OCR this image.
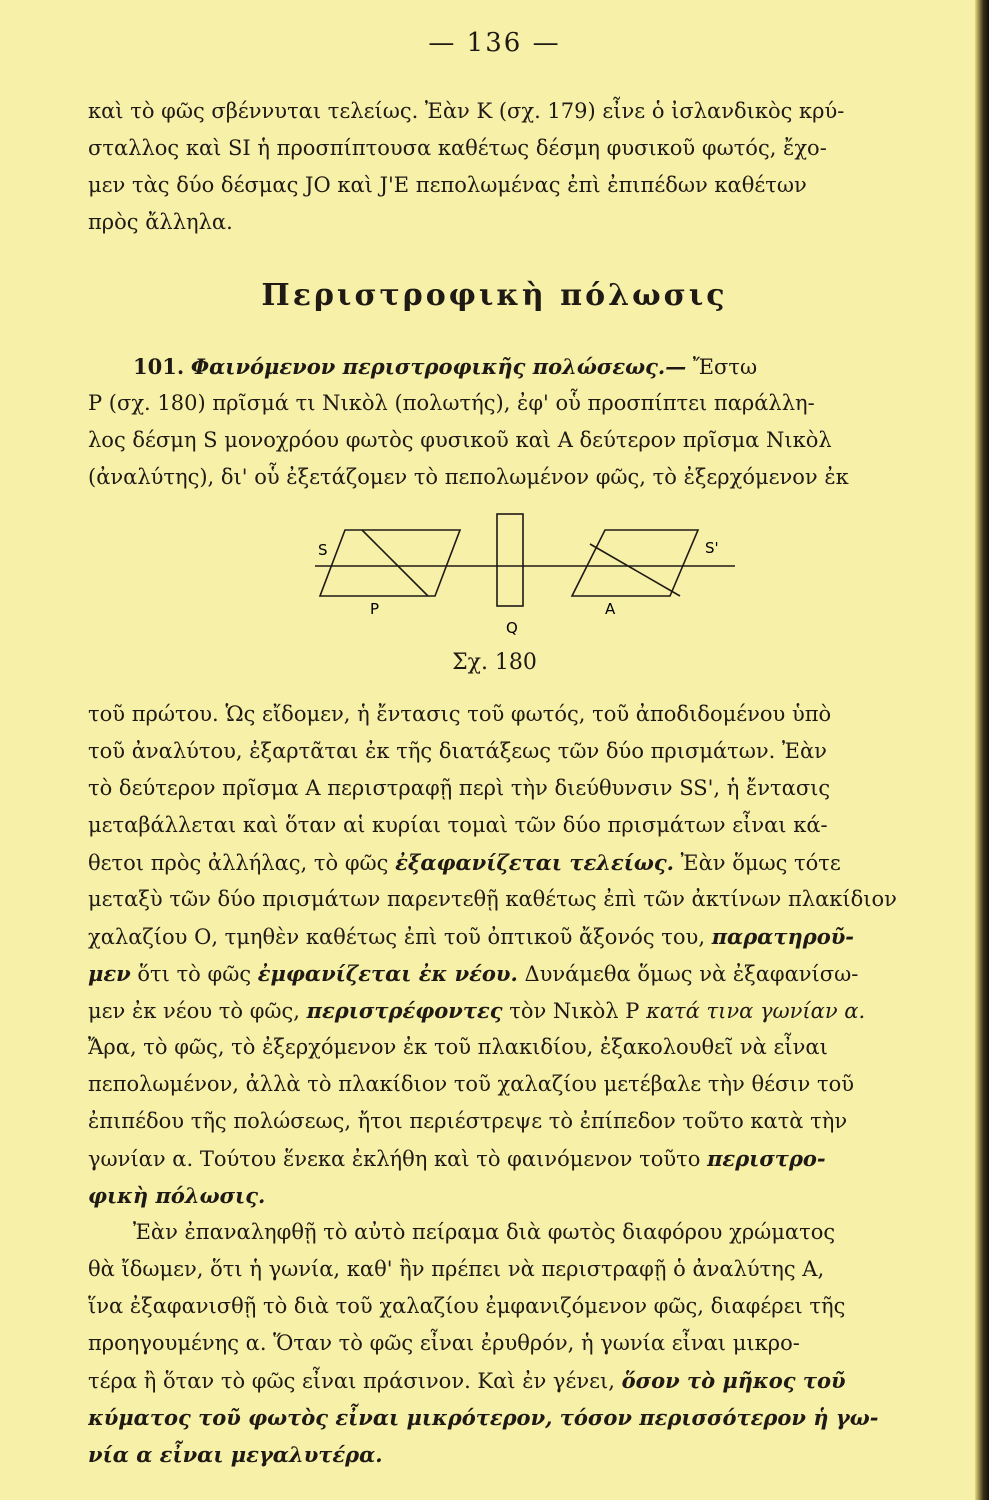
— 136 —
καὶ τὸ φῶς σβέννυται τελείως. Ἐὰν Κ (σχ. 179) εἶνε ὁ ἰσλανδικὸς κρύ-
σταλλος καὶ SI ἡ προσπίπτουσα καθέτως δέσμη φυσικοῦ φωτός, ἔχο-
μεν τὰς δύο δέσμας JO καὶ J'E πεπολωμένας ἐπὶ ἐπιπέδων καθέτων
πρὸς ἄλληλα.
Περιστροφικὴ πόλωσις
101. Φαινόμενον περιστροφικῆς πολώσεως.— Ἔστω
P (σχ. 180) πρῖσμά τι Νικὸλ (πολωτής), ἐφ' οὗ προσπίπτει παράλλη-
λος δέσμη S μονοχρόου φωτὸς φυσικοῦ καὶ A δεύτερον πρῖσμα Νικὸλ
(ἀναλύτης), δι' οὗ ἐξετάζομεν τὸ πεπολωμένον φῶς, τὸ ἐξερχόμενον ἐκ
S	S'
P
Q
A
Σχ. 180
τοῦ πρώτου. Ὡς εἴδομεν, ἡ ἔντασις τοῦ φωτός, τοῦ ἀποδιδομένου ὑπὸ
τοῦ ἀναλύτου, ἐξαρτᾶται ἐκ τῆς διατάξεως τῶν δύο πρισμάτων. Ἐὰν
τὸ δεύτερον πρῖσμα A περιστραφῇ περὶ τὴν διεύθυνσιν SS', ἡ ἔντασις
μεταβάλλεται καὶ ὅταν αἱ κυρίαι τομαὶ τῶν δύο πρισμάτων εἶναι κά-
θετοι πρὸς ἀλλήλας, τὸ φῶς ἐξαφανίζεται τελείως. Ἐὰν ὅμως τότε
μεταξὺ τῶν δύο πρισμάτων παρεντεθῇ καθέτως ἐπὶ τῶν ἀκτίνων πλακίδιον
χαλαζίου Ο, τμηθὲν καθέτως ἐπὶ τοῦ ὀπτικοῦ ἄξονός του, παρατηροῦ-
μεν ὅτι τὸ φῶς ἐμφανίζεται ἐκ νέου. Δυνάμεθα ὅμως νὰ ἐξαφανίσω-
μεν ἐκ νέου τὸ φῶς, περιστρέφοντες τὸν Νικὸλ P κατά τινα γωνίαν α.
Ἄρα, τὸ φῶς, τὸ ἐξερχόμενον ἐκ τοῦ πλακιδίου, ἐξακολουθεῖ νὰ εἶναι
πεπολωμένον, ἀλλὰ τὸ πλακίδιον τοῦ χαλαζίου μετέβαλε τὴν θέσιν τοῦ
ἐπιπέδου τῆς πολώσεως, ἤτοι περιέστρεψε τὸ ἐπίπεδον τοῦτο κατὰ τὴν
γωνίαν α. Τούτου ἕνεκα ἐκλήθη καὶ τὸ φαινόμενον τοῦτο περιστρο-
φικὴ πόλωσις.
Ἐὰν ἐπαναληφθῇ τὸ αὐτὸ πείραμα διὰ φωτὸς διαφόρου χρώματος
θὰ ἴδωμεν, ὅτι ἡ γωνία, καθ' ἣν πρέπει νὰ περιστραφῇ ὁ ἀναλύτης A,
ἵνα ἐξαφανισθῇ τὸ διὰ τοῦ χαλαζίου ἐμφανιζόμενον φῶς, διαφέρει τῆς
προηγουμένης α. Ὅταν τὸ φῶς εἶναι ἐρυθρόν, ἡ γωνία εἶναι μικρο-
τέρα ἢ ὅταν τὸ φῶς εἶναι πράσινον. Καὶ ἐν γένει, ὅσον τὸ μῆκος τοῦ
κύματος τοῦ φωτὸς εἶναι μικρότερον, τόσον περισσότερον ἡ γω-
νία α εἶναι μεγαλυτέρα.
